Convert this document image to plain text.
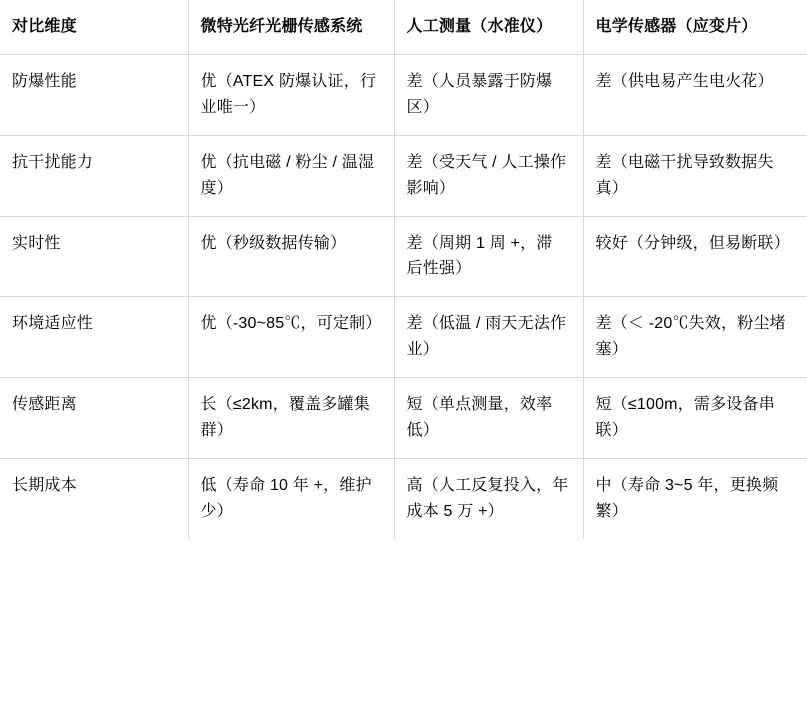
对比维度	微特光纤光栅传感系统	人工测量（水准仪）	电学传感器（应变片）
防爆性能	优（ATEX 防爆认证，行业唯一）	差（人员暴露于防爆区）	差（供电易产生电火花）
抗干扰能力	优（抗电磁 / 粉尘 / 温湿度）	差（受天气 / 人工操作影响）	差（电磁干扰导致数据失真）
实时性	优（秒级数据传输）	差（周期 1 周 +，滞后性强）	较好（分钟级，但易断联）
环境适应性	优（-30~85℃，可定制）	差（低温 / 雨天无法作业）	差（＜ -20℃失效，粉尘堵塞）
传感距离	长（≤2km，覆盖多罐集群）	短（单点测量，效率低）	短（≤100m，需多设备串联）
长期成本	低（寿命 10 年 +，维护少）	高（人工反复投入，年成本 5 万 +）	中（寿命 3~5 年，更换频繁）
